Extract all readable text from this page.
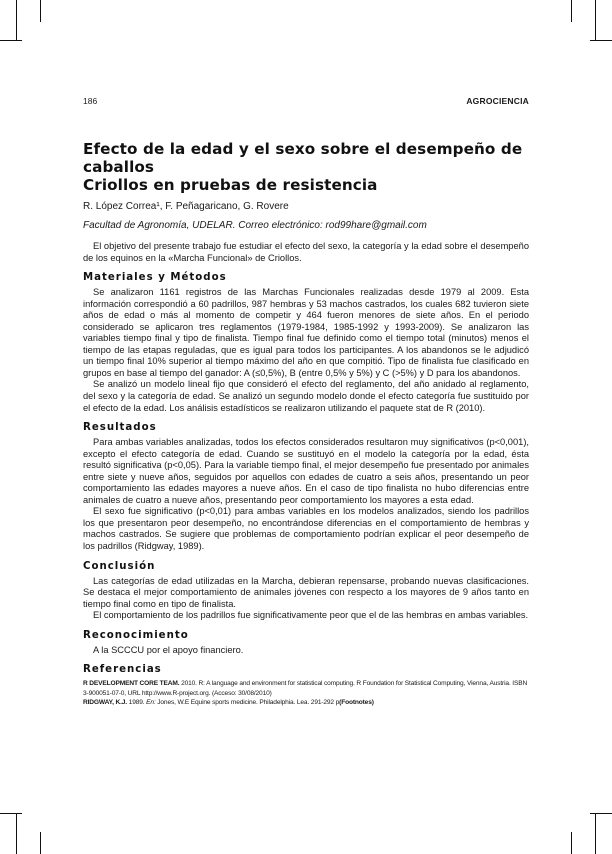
186	AGROCIENCIA
Efecto de la edad y el sexo sobre el desempeño de caballos
Criollos en pruebas de resistencia
R. López Correa¹, F. Peñagaricano, G. Rovere
Facultad de Agronomía, UDELAR. Correo electrónico: rod99hare@gmail.com

El objetivo del presente trabajo fue estudiar el efecto del sexo, la categoría y la edad sobre el desempeño de los equinos en la «Marcha Funcional» de Criollos.

Materiales y Métodos

Se analizaron 1161 registros de las Marchas Funcionales realizadas desde 1979 al 2009. Esta información correspondió a 60 padrillos, 987 hembras y 53 machos castrados, los cuales 682 tuvieron siete años de edad o más al momento de competir y 464 fueron menores de siete años. En el periodo considerado se aplicaron tres reglamentos (1979-1984, 1985-1992 y 1993-2009). Se analizaron las variables tiempo final y tipo de finalista. Tiempo final fue definido como el tiempo total (minutos) menos el tiempo de las etapas reguladas, que es igual para todos los participantes. A los abandonos se le adjudicó un tiempo final 10% superior al tiempo máximo del año en que compitió. Tipo de finalista fue clasificado en grupos en base al tiempo del ganador: A (≤0,5%), B (entre 0,5% y 5%) y C (>5%) y D para los abandonos.

Se analizó un modelo lineal fijo que consideró el efecto del reglamento, del año anidado al reglamento, del sexo y la categoría de edad. Se analizó un segundo modelo donde el efecto categoría fue sustituido por el efecto de la edad. Los análisis estadísticos se realizaron utilizando el paquete stat de R (2010).

Resultados

Para ambas variables analizadas, todos los efectos considerados resultaron muy significativos (p<0,001), excepto el efecto categoría de edad. Cuando se sustituyó en el modelo la categoría por la edad, ésta resultó significativa (p<0,05). Para la variable tiempo final, el mejor desempeño fue presentado por animales entre siete y nueve años, seguidos por aquellos con edades de cuatro a seis años, presentando un peor comportamiento las edades mayores a nueve años. En el caso de tipo finalista no hubo diferencias entre animales de cuatro a nueve años, presentando peor comportamiento los mayores a esta edad.

El sexo fue significativo (p<0,01) para ambas variables en los modelos analizados, siendo los padrillos los que presentaron peor desempeño, no encontrándose diferencias en el comportamiento de hembras y machos castrados. Se sugiere que problemas de comportamiento podrían explicar el peor desempeño de los padrillos (Ridgway, 1989).

Conclusión

Las categorías de edad utilizadas en la Marcha, debieran repensarse, probando nuevas clasificaciones. Se destaca el mejor comportamiento de animales jóvenes con respecto a los mayores de 9 años tanto en tiempo final como en tipo de finalista.

El comportamiento de los padrillos fue significativamente peor que el de las hembras en ambas variables.

Reconocimiento

A la SCCCU por el apoyo financiero.

Referencias

R DEVELOPMENT CORE TEAM. 2010. R: A language and environment for statistical computing. R Foundation for Statistical Computing, Vienna, Austria. ISBN 3-900051-07-0, URL http://www.R-project.org. (Acceso: 30/08/2010)

RIDGWAY, K.J. 1989. En: Jones, W.E Equine sports medicine. Philadelphia. Lea. 291-292 p(Footnotes)
